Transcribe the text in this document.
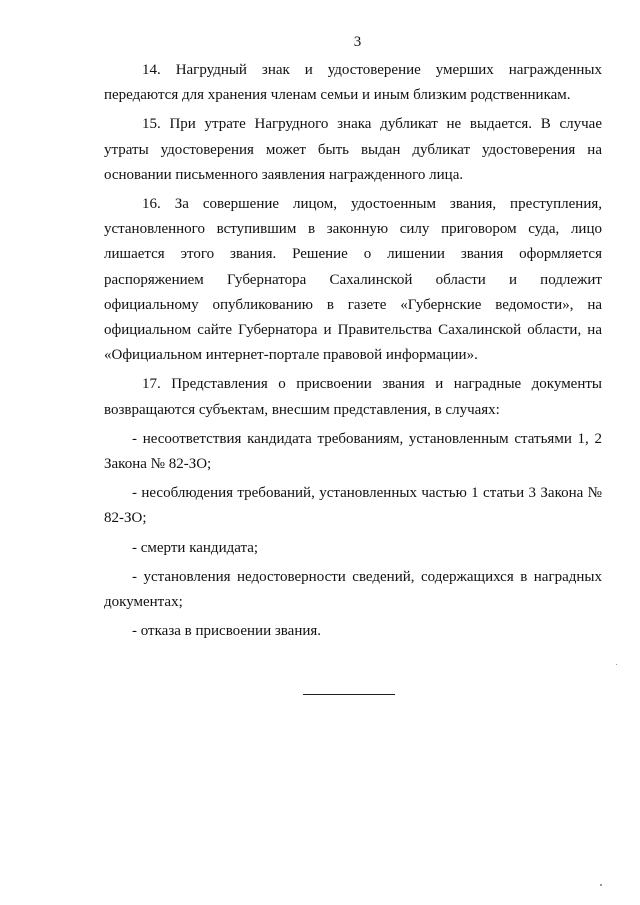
3

14. Нагрудный знак и удостоверение умерших награжденных передаются для хранения членам семьи и иным близким родственникам.

15. При утрате Нагрудного знака дубликат не выдается. В случае утраты удостоверения может быть выдан дубликат удостоверения на основании письменного заявления награжденного лица.

16. За совершение лицом, удостоенным звания, преступления, установленного вступившим в законную силу приговором суда, лицо лишается этого звания. Решение о лишении звания оформляется распоряжением Губернатора Сахалинской области и подлежит официальному опубликованию в газете «Губернские ведомости», на официальном сайте Губернатора и Правительства Сахалинской области, на «Официальном интернет-портале правовой информации».

17. Представления о присвоении звания и наградные документы возвращаются субъектам, внесшим представления, в случаях:

- несоответствия кандидата требованиям, установленным статьями 1, 2 Закона № 82-ЗО;

- несоблюдения требований, установленных частью 1 статьи 3 Закона № 82-ЗО;

- смерти кандидата;

- установления недостоверности сведений, содержащихся в наградных документах;

- отказа в присвоении звания.
